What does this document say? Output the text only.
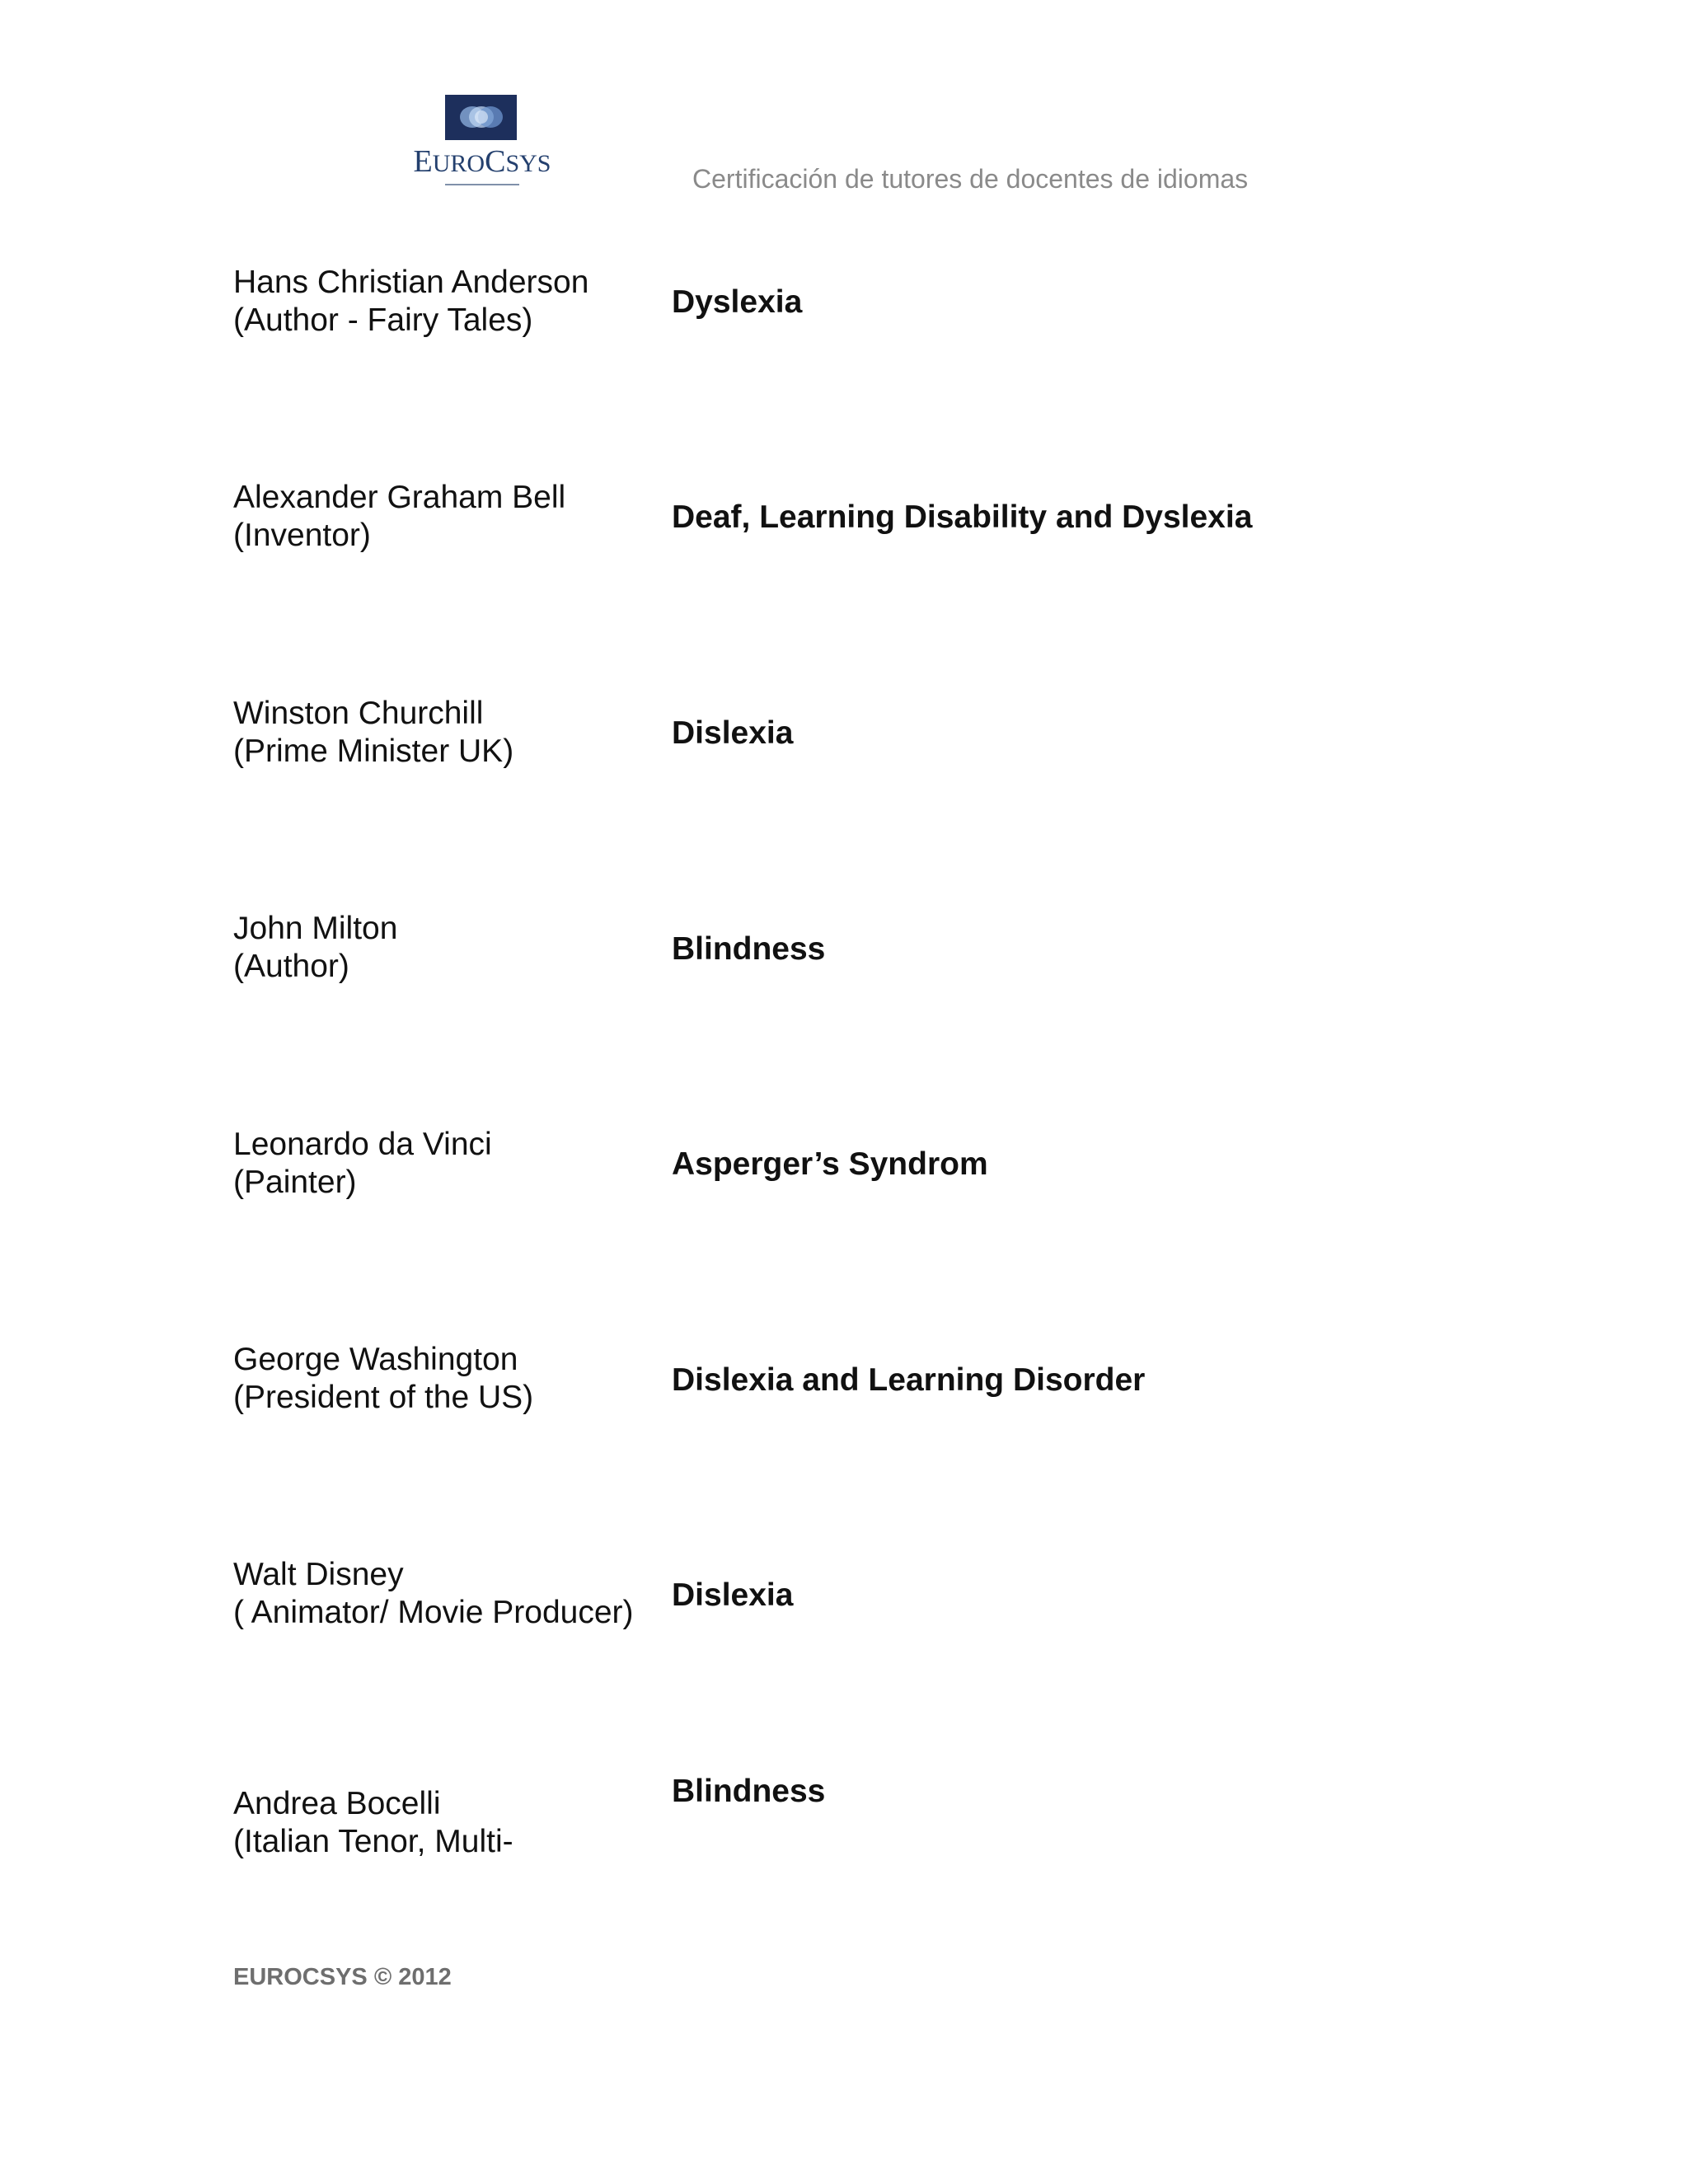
EUROCSYS
Certificación de tutores de docentes de idiomas
Hans Christian Anderson
(Author - Fairy Tales)
Dyslexia
Alexander Graham Bell
(Inventor)
Deaf, Learning Disability and Dyslexia
Winston Churchill
(Prime Minister UK)
Dislexia
John Milton
(Author)	Blindness
Leonardo da Vinci
(Painter)
Asperger’s Syndrom
George Washington
(President of the US)	Dislexia and Learning Disorder
Walt Disney
( Animator/ Movie Producer) Dislexia
Andrea Bocelli
(Italian Tenor, Multi-
Blindness
EUROCSYS © 2012
